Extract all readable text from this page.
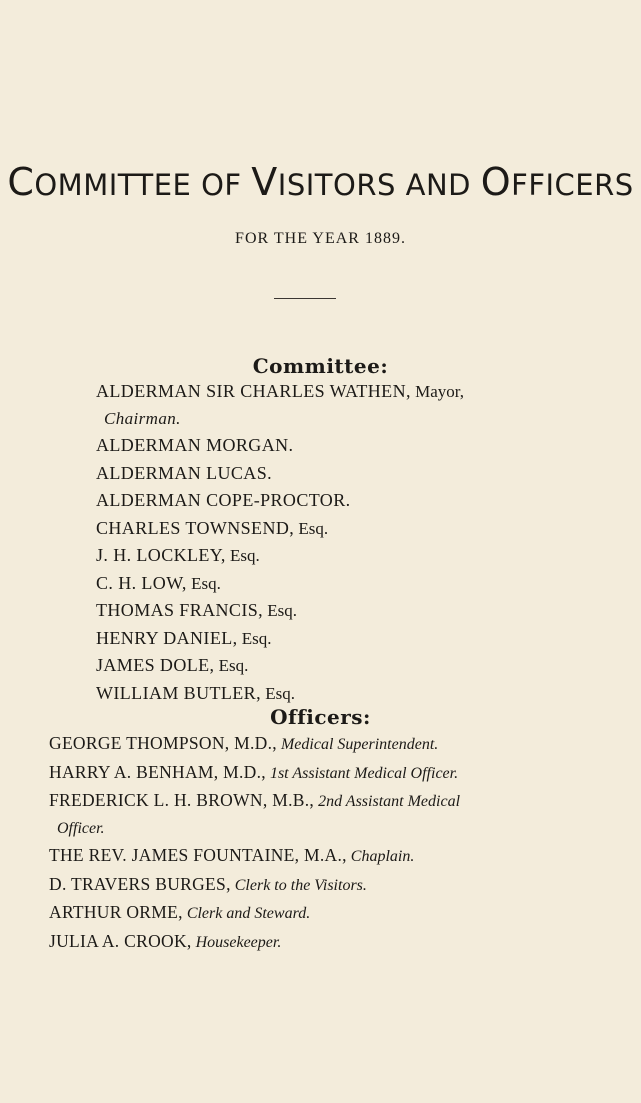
COMMITTEE OF VISITORS AND OFFICERS
FOR THE YEAR 1889.
Committee:
ALDERMAN SIR CHARLES WATHEN, Mayor,
Chairman.
ALDERMAN MORGAN.
ALDERMAN LUCAS.
ALDERMAN COPE-PROCTOR.
CHARLES TOWNSEND, Esq.
J. H. LOCKLEY, Esq.
C. H. LOW, Esq.
THOMAS FRANCIS, Esq.
HENRY DANIEL, Esq.
JAMES DOLE, Esq.
WILLIAM BUTLER, Esq.
Officers:
GEORGE THOMPSON, M.D., Medical Superintendent.
HARRY A. BENHAM, M.D., 1st Assistant Medical Officer.
FREDERICK L. H. BROWN, M.B., 2nd Assistant Medical
Officer.
THE REV. JAMES FOUNTAINE, M.A., Chaplain.
D. TRAVERS BURGES, Clerk to the Visitors.
ARTHUR ORME, Clerk and Steward.
JULIA A. CROOK, Housekeeper.
